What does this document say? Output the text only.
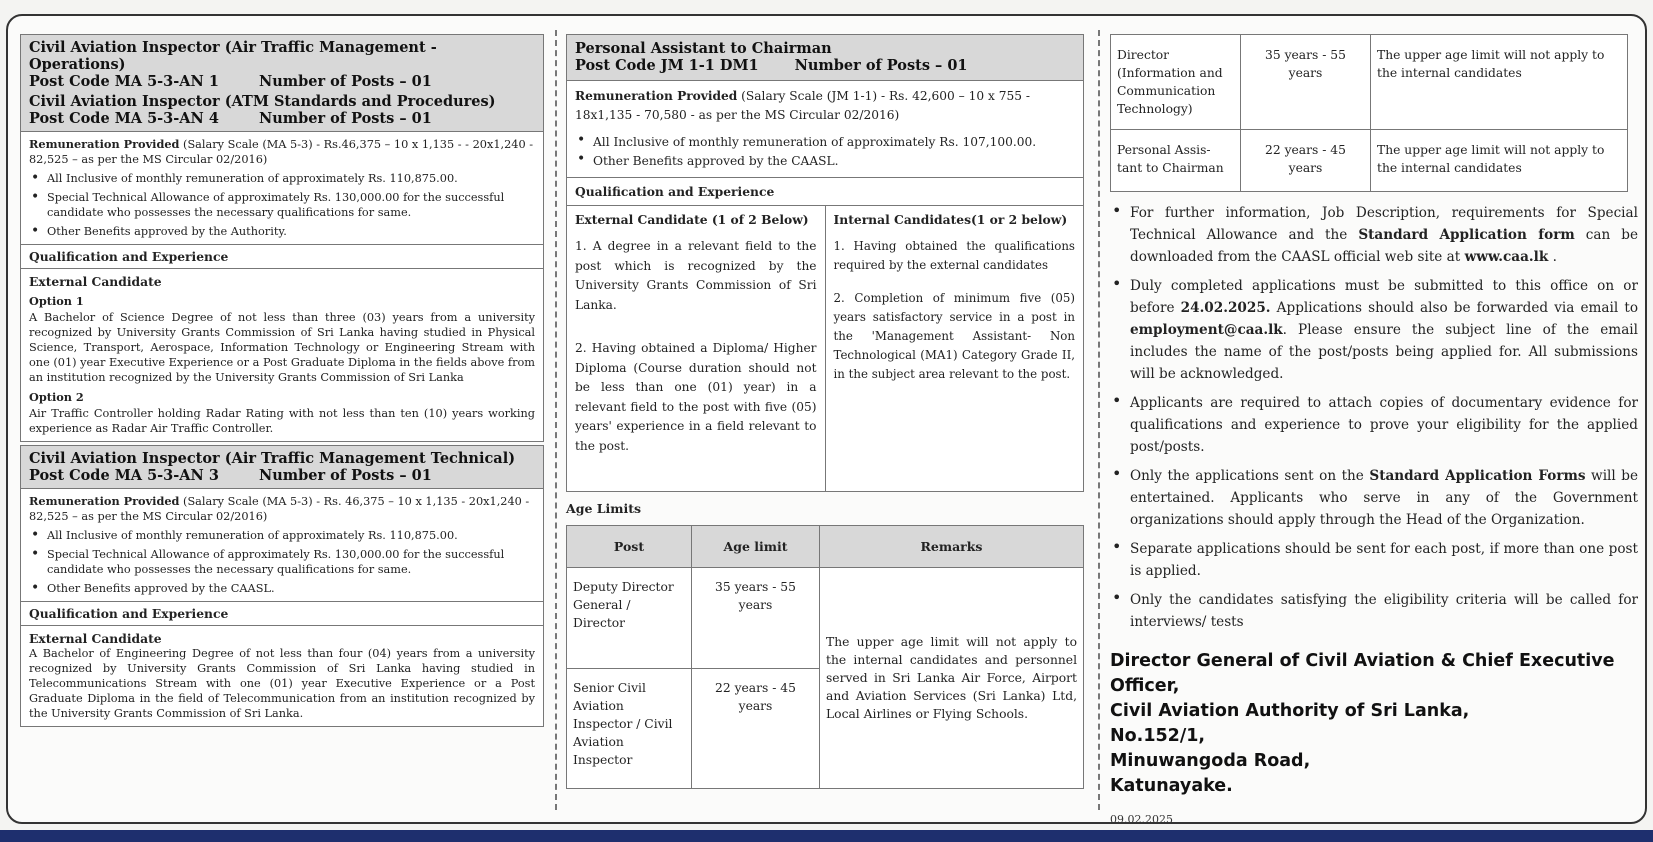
Civil Aviation Inspector (Air Traffic Management - Operations)
Post Code MA 5-3-AN 1	Number of Posts – 01
Civil Aviation Inspector (ATM Standards and Procedures)
Post Code MA 5-3-AN 4	Number of Posts – 01
Remuneration Provided (Salary Scale (MA 5-3) - Rs.46,375 – 10 x 1,135 - - 20x1,240 - 82,525 – as per the MS Circular 02/2016)
• All Inclusive of monthly remuneration of approximately Rs. 110,875.00.
• Special Technical Allowance of approximately Rs. 130,000.00 for the successful candidate who possesses the necessary qualifications for same.
• Other Benefits approved by the Authority.
Qualification and Experience
External Candidate
Option 1
A Bachelor of Science Degree of not less than three (03) years from a university recognized by University Grants Commission of Sri Lanka having studied in Physical Science, Transport, Aerospace, Information Technology or Engineering Stream with one (01) year Executive Experience or a Post Graduate Diploma in the fields above from an institution recognized by the University Grants Commission of Sri Lanka
Option 2
Air Traffic Controller holding Radar Rating with not less than ten (10) years working experience as Radar Air Traffic Controller.
Civil Aviation Inspector (Air Traffic Management Technical)
Post Code MA 5-3-AN 3	Number of Posts – 01
Remuneration Provided (Salary Scale (MA 5-3) - Rs. 46,375 – 10 x 1,135 - 20x1,240 - 82,525 – as per the MS Circular 02/2016)
• All Inclusive of monthly remuneration of approximately Rs. 110,875.00.
• Special Technical Allowance of approximately Rs. 130,000.00 for the successful candidate who possesses the necessary qualifications for same.
• Other Benefits approved by the CAASL.
Qualification and Experience
External Candidate
A Bachelor of Engineering Degree of not less than four (04) years from a university recognized by University Grants Commission of Sri Lanka having studied in Telecommunications Stream with one (01) year Executive Experience or a Post Graduate Diploma in the field of Telecommunication from an institution recognized by the University Grants Commission of Sri Lanka.
Personal Assistant to Chairman
Post Code JM 1-1 DM1 Number of Posts – 01
Remuneration Provided (Salary Scale (JM 1-1) - Rs. 42,600 – 10 x 755 - 18x1,135 - 70,580 - as per the MS Circular 02/2016)
• All Inclusive of monthly remuneration of approximately Rs. 107,100.00.
• Other Benefits approved by the CAASL.
Qualification and Experience
External Candidate (1 of 2 Below)
1. A degree in a relevant field to the post which is recognized by the University Grants Commission of Sri Lanka.
2. Having obtained a Diploma/ Higher Diploma (Course duration should not be less than one (01) year) in a relevant field to the post with five (05) years' experience in a field relevant to the post.
Internal Candidates(1 or 2 below)
1. Having obtained the qualifications required by the external candidates
2. Completion of minimum five (05) years satisfactory service in a post in the 'Management Assistant- Non Technological (MA1) Category Grade II, in the subject area relevant to the post.
Age Limits
Post	Age limit	Remarks
Deputy Director General / Director	35 years - 55 years	The upper age limit will not apply to the internal candidates and personnel served in Sri Lanka Air Force, Airport and Aviation Services (Sri Lanka) Ltd, Local Airlines or Flying Schools.
Senior Civil Aviation Inspector / Civil Aviation Inspector	22 years - 45 years	
Director (Information and Communication Technology)	35 years - 55 years	The upper age limit will not apply to the internal candidates
Personal Assis- tant to Chairman	22 years - 45 years	The upper age limit will not apply to the internal candidates
• For further information, Job Description, requirements for Special Technical Allowance and the Standard Application form can be downloaded from the CAASL official web site at www.caa.lk .
• Duly completed applications must be submitted to this office on or before 24.02.2025. Applications should also be forwarded via email to employment@caa.lk. Please ensure the subject line of the email includes the name of the post/posts being applied for. All submissions will be acknowledged.
• Applicants are required to attach copies of documentary evidence for qualifications and experience to prove your eligibility for the applied post/posts.
• Only the applications sent on the Standard Application Forms will be entertained. Applicants who serve in any of the Government organizations should apply through the Head of the Organization.
• Separate applications should be sent for each post, if more than one post is applied.
• Only the candidates satisfying the eligibility criteria will be called for interviews/ tests
Director General of Civil Aviation & Chief Executive Officer,
Civil Aviation Authority of Sri Lanka,
No.152/1,
Minuwangoda Road,
Katunayake.
09.02.2025
